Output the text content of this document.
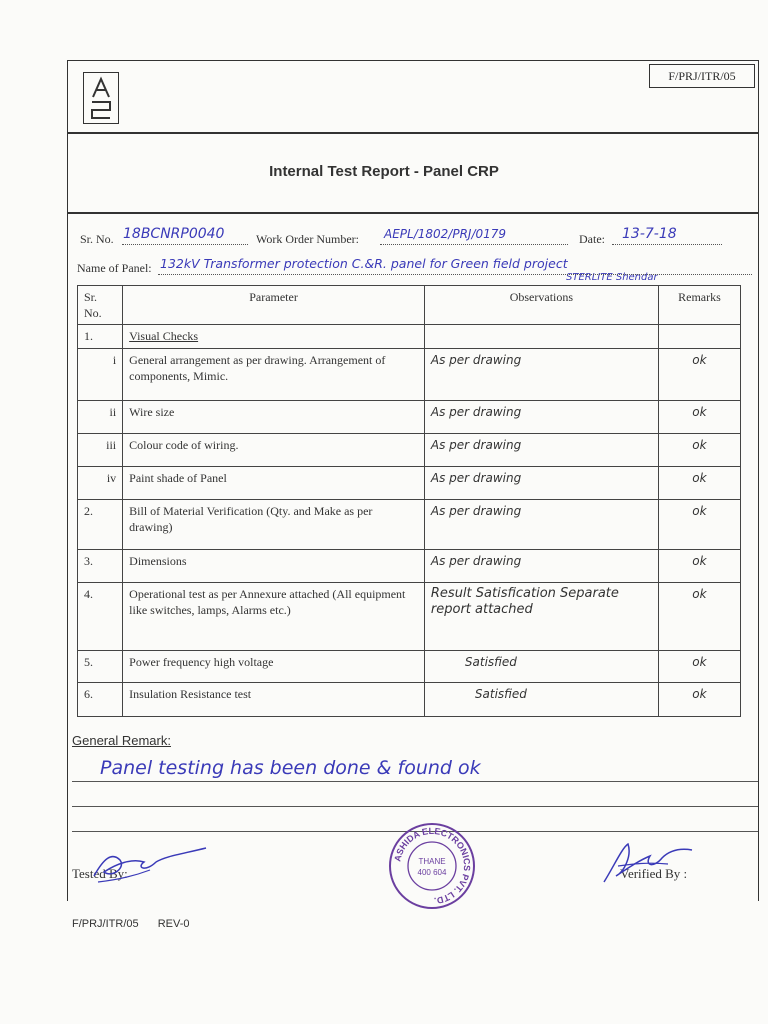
F/PRJ/ITR/05
Internal Test Report - Panel CRP
Sr. No. 18BCNRP0040	Work Order Number: AEPL/1802/PRJ/0179	Date: 13-7-18
Name of Panel: 132kV Transformer protection C.&R. panel for Green field project
STERLITE Shendar
Sr. No.	Parameter	Observations	Remarks
1.	Visual Checks		
i	General arrangement as per drawing. Arrangement of components, Mimic.	As per drawing	ok
ii	Wire size	As per drawing	ok
iii	Colour code of wiring.	As per drawing	ok
iv	Paint shade of Panel	As per drawing	ok
2.	Bill of Material Verification (Qty. and Make as per drawing)	As per drawing	ok
3.	Dimensions	As per drawing	ok
4.	Operational test as per Annexure attached (All equipment like switches, lamps, Alarms etc.)	Result Satisfication Separate report attached	ok
5.	Power frequency high voltage	Satisfied	ok
6.	Insulation Resistance test	Satisfied	ok
General Remark:
Panel testing has been done & found ok
Tested By:	Verified By :
ASHIDA ELECTRONICS PVT. LTD.
THANE
400 604
F/PRJ/ITR/05 REV-0
